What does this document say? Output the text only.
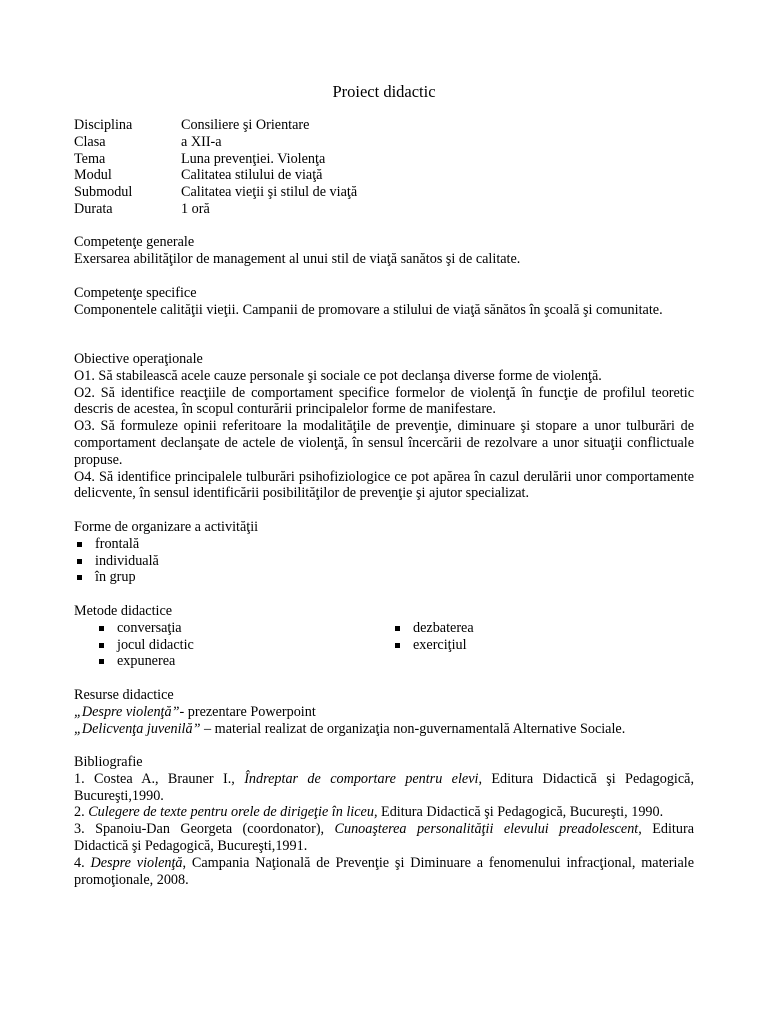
Proiect didactic
Disciplina	Consiliere şi Orientare
Clasa	a XII-a
Tema	Luna prevenţiei. Violenţa
Modul	Calitatea stilului de viaţă
Submodul	Calitatea vieţii şi stilul de viaţă
Durata	1 oră

Competenţe generale

Exersarea abilităţilor de management al unui stil de viaţă sanătos şi de calitate.

Competenţe specifice

Componentele calităţii vieţii. Campanii de promovare a stilului de viaţă sănătos în şcoală şi comunitate.

Obiective operaţionale

O1. Să stabilească acele cauze personale şi sociale ce pot declanşa diverse forme de violenţă.

O2. Să identifice reacţiile de comportament specifice formelor de violenţă în funcţie de profilul teoretic descris de acestea, în scopul conturării principalelor forme de manifestare.

O3. Să formuleze opinii referitoare la modalităţile de prevenţie, diminuare şi stopare a unor tulburări de comportament declanşate de actele de violenţă, în sensul încercării de rezolvare a unor situaţii conflictuale propuse.

O4. Să identifice principalele tulburări psihofiziologice ce pot apărea în cazul derulării unor comportamente delicvente, în sensul identificării posibilităţilor de prevenţie şi ajutor specializat.

Forme de organizare a activităţii

frontală
individuală
în grup

Metode didactice

conversaţia
jocul didactic
expunerea
dezbaterea
exerciţiul

Resurse didactice

„Despre violenţă”- prezentare Powerpoint

„Delicvenţa juvenilă” – material realizat de organizaţia non-guvernamentală Alternative Sociale.

Bibliografie

1. Costea A., Brauner I., Îndreptar de comportare pentru elevi, Editura Didactică şi Pedagogică, Bucureşti,1990.

2. Culegere de texte pentru orele de dirigeţie în liceu, Editura Didactică şi Pedagogică, Bucureşti, 1990.

3. Spanoiu-Dan Georgeta (coordonator), Cunoaşterea personalităţii elevului preadolescent, Editura Didactică şi Pedagogică, Bucureşti,1991.

4. Despre violenţă, Campania Naţională de Prevenţie şi Diminuare a fenomenului infracţional, materiale promoţionale, 2008.
